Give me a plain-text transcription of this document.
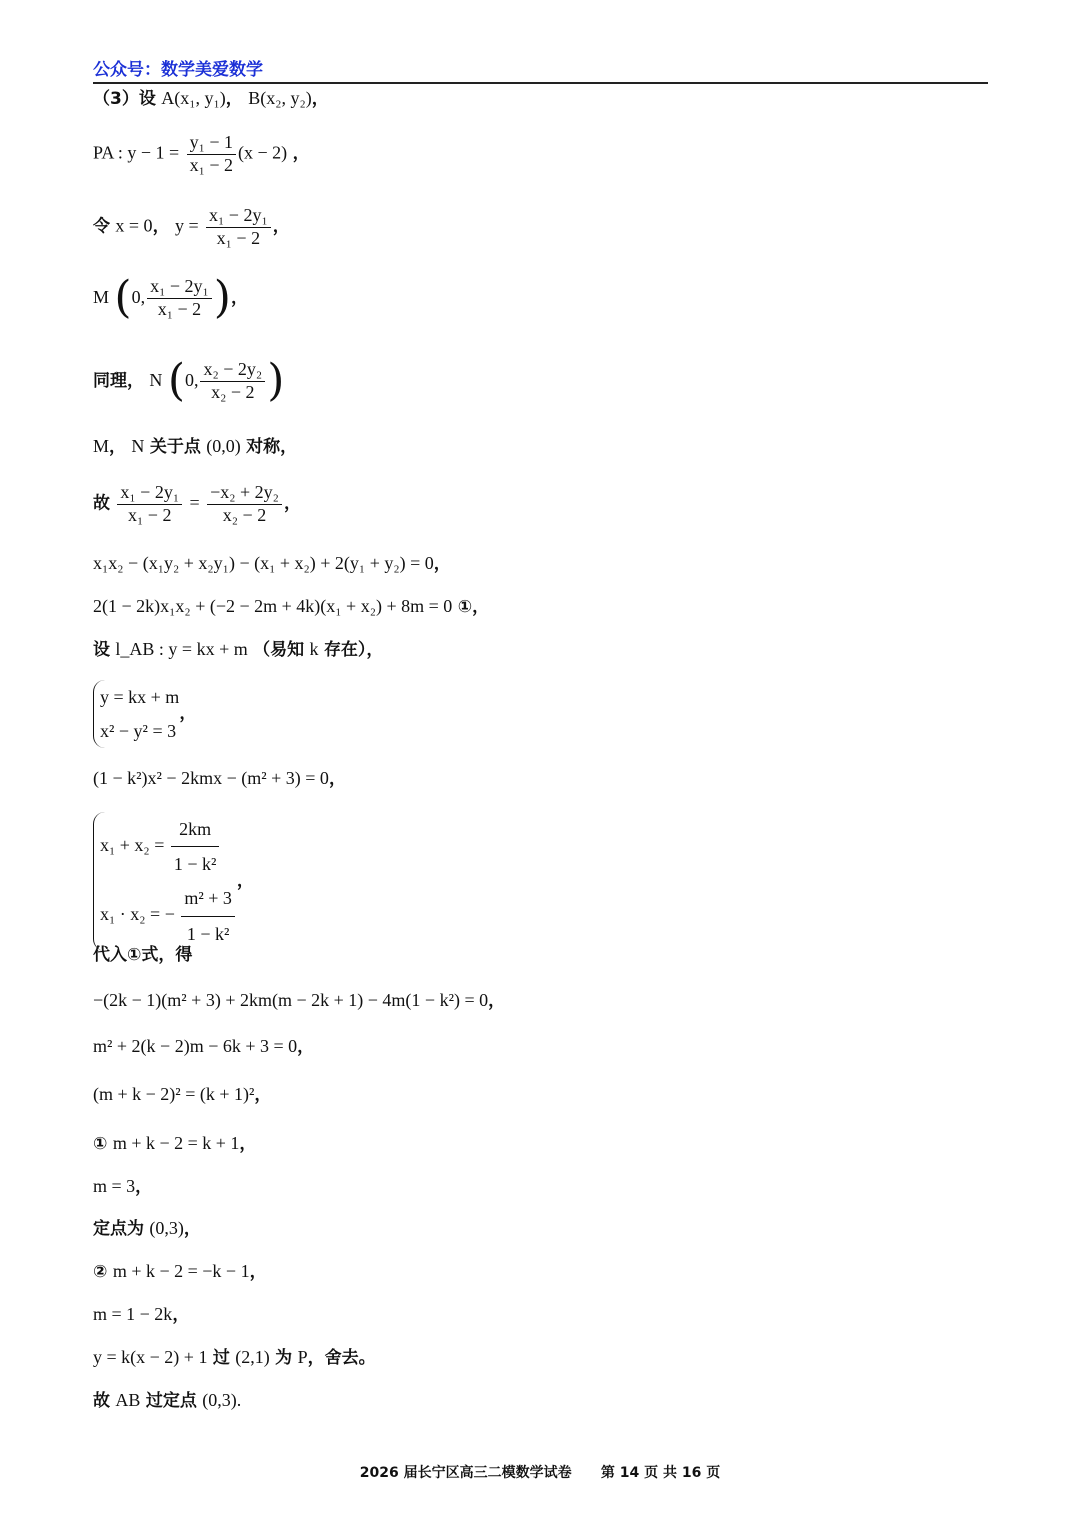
公众号：数学美爱数学
（3）设 A(x₁, y₁)， B(x₂, y₂)，
PA : $y - 1 = \frac{\text{y₁ − 1}}{\text{x₁ − 2}} (x - 2)$ ，
令 x = 0， $y = \frac{\text{x₁ − 2y₁}}{\text{x₁ − 2}}$ ，
M (0, $\frac{\text{x₁ − 2y₁}}{\text{x₁ − 2}}$ )，
同理， N (0, $\frac{\text{x₂ − 2y₂}}{\text{x₂ − 2}}$ )
M， N 关于点 (0,0) 对称，
故 $\frac{\text{x₁ − 2y₁}}{\text{x₁ − 2}} = \frac{\text{−x₂ + 2y₂}}{\text{x₂ − 2}}$ ，
x₁x₂ − (x₁y₂ + x₂y₁) − (x₁ + x₂) + 2(y₁ + y₂) = 0，
2(1 − 2k)x₁x₂ + (−2 − 2m + 4k)(x₁ + x₂) + 8m = 0 ①，
设 l_AB : y = kx + m （易知 k 存在），
y = kx + m
x² − y² = 3
，
(1 − k²)x² − 2kmx − (m² + 3) = 0，
$x_1 + x_2 = \frac{2km}{\text{1 − k²}}$
x₁ · x₂ = − $\frac{\text{m² + 3}}{\text{1 − k²}}$
，
代入①式，得
−(2k − 1)(m² + 3) + 2km(m − 2k + 1) − 4m(1 − k²) = 0，
m² + 2(k − 2)m − 6k + 3 = 0，
(m + k − 2)² = (k + 1)²，
① m + k − 2 = k + 1，
m = 3，
定点为 (0,3)，
② m + k − 2 = −k − 1，
m = 1 − 2k，
y = k(x − 2) + 1 过 (2,1) 为 P，舍去。
故 AB 过定点 (0,3).
2026 届长宁区高三二模数学试卷 第 14 页 共 16 页
